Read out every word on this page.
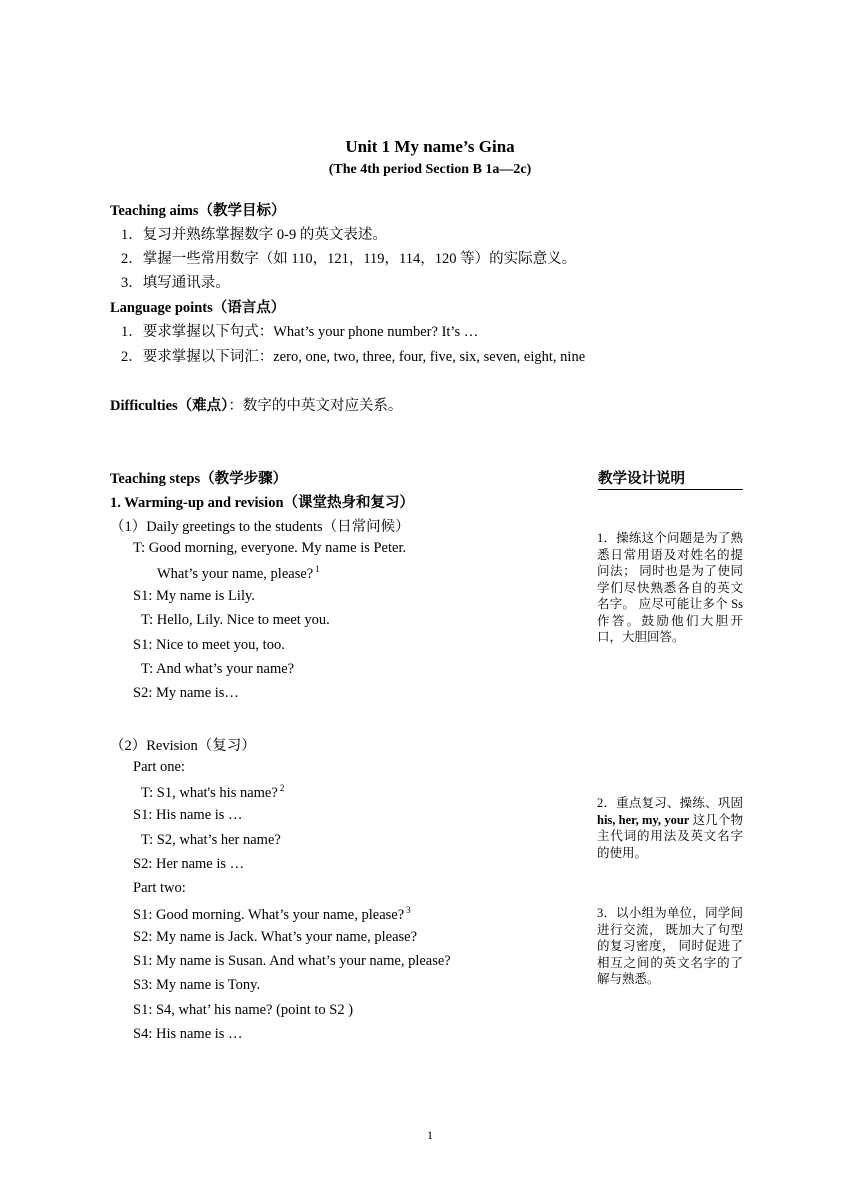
Unit 1 My name’s Gina
(The 4th period Section B 1a—2c)
Teaching aims（教学目标）
1．复习并熟练掌握数字 0-9 的英文表述。
2．掌握一些常用数字（如 110，121，119，114，120 等）的实际意义。
3．填写通讯录。
Language points（语言点）
1．要求掌握以下句式：What’s your phone number? It’s …
2．要求掌握以下词汇：zero, one, two, three, four, five, six, seven, eight, nine
Difficulties（难点）：数字的中英文对应关系。
Teaching steps（教学步骤）
1. Warming-up and revision（课堂热身和复习）
（1）Daily greetings to the students（日常问候）
T: Good morning, everyone. My name is Peter.
What’s your name, please? $^1$
S1: My name is Lily.
T: Hello, Lily. Nice to meet you.
S1: Nice to meet you, too.
T: And what’s your name?
S2: My name is…
（2）Revision（复习）
Part one:
T: S1, what's his name? $^2$
S1: His name is …
T: S2, what’s her name?
S2: Her name is …
Part two:
S1: Good morning. What’s your name, please? $^3$
S2: My name is Jack. What’s your name, please?
S1: My name is Susan. And what’s your name, please?
S3: My name is Tony.
S1: S4, what’ his name? (point to S2 )
S4: His name is …
教学设计说明
1．操练这个问题是为了熟悉日常用语及对姓名的提问法； 同时也是为了使同学们尽快熟悉各自的英文名字。 应尽可能让多个 Ss 作答。鼓励他们大胆开口，大胆回答。
2．重点复习、操练、巩固 his, her, my, your 这几个物主代词的用法及英文名字的使用。
3．以小组为单位，同学间进行交流， 既加大了句型的复习密度， 同时促进了相互之间的英文名字的了解与熟悉。
1
